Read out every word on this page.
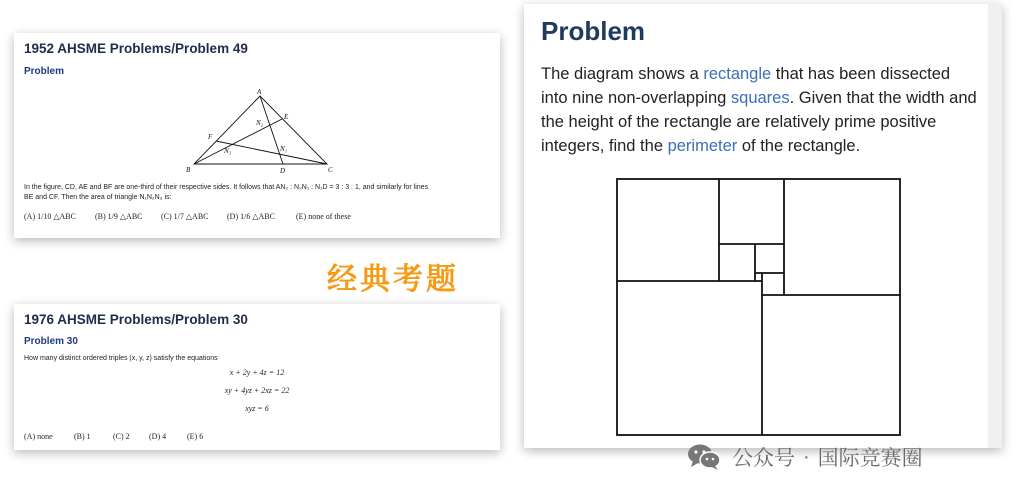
1952 AHSME Problems/Problem 49
Problem
A
B	C
D
E
F
N₁
N₂
N₃
In the figure, CD, AE and BF are one-third of their respective sides. It follows that AN₂ : N₂N₁ : N₁D = 3 : 3 : 1, and similarly for lines
BE and CF. Then the area of triangle N₁N₂N₃ is:
(A) 1/10 △ABC (B) 1/9 △ABC (C) 1/7 △ABC (D) 1/6 △ABC	(E) none of these
经典考题
1976 AHSME Problems/Problem 30
Problem 30
How many distinct ordered triples (x, y, z) satisfy the equations
x + 2y + 4z = 12
xy + 4yz + 2xz = 22
xyz = 6
(A) none	(B) 1	(C) 2 (D) 4	(E) 6
Problem
The diagram shows a rectangle that has been dissected into nine non-overlapping squares. Given that the width and the height of the rectangle are relatively prime positive integers, find the perimeter of the rectangle.
公众号 · 国际竞赛圈
